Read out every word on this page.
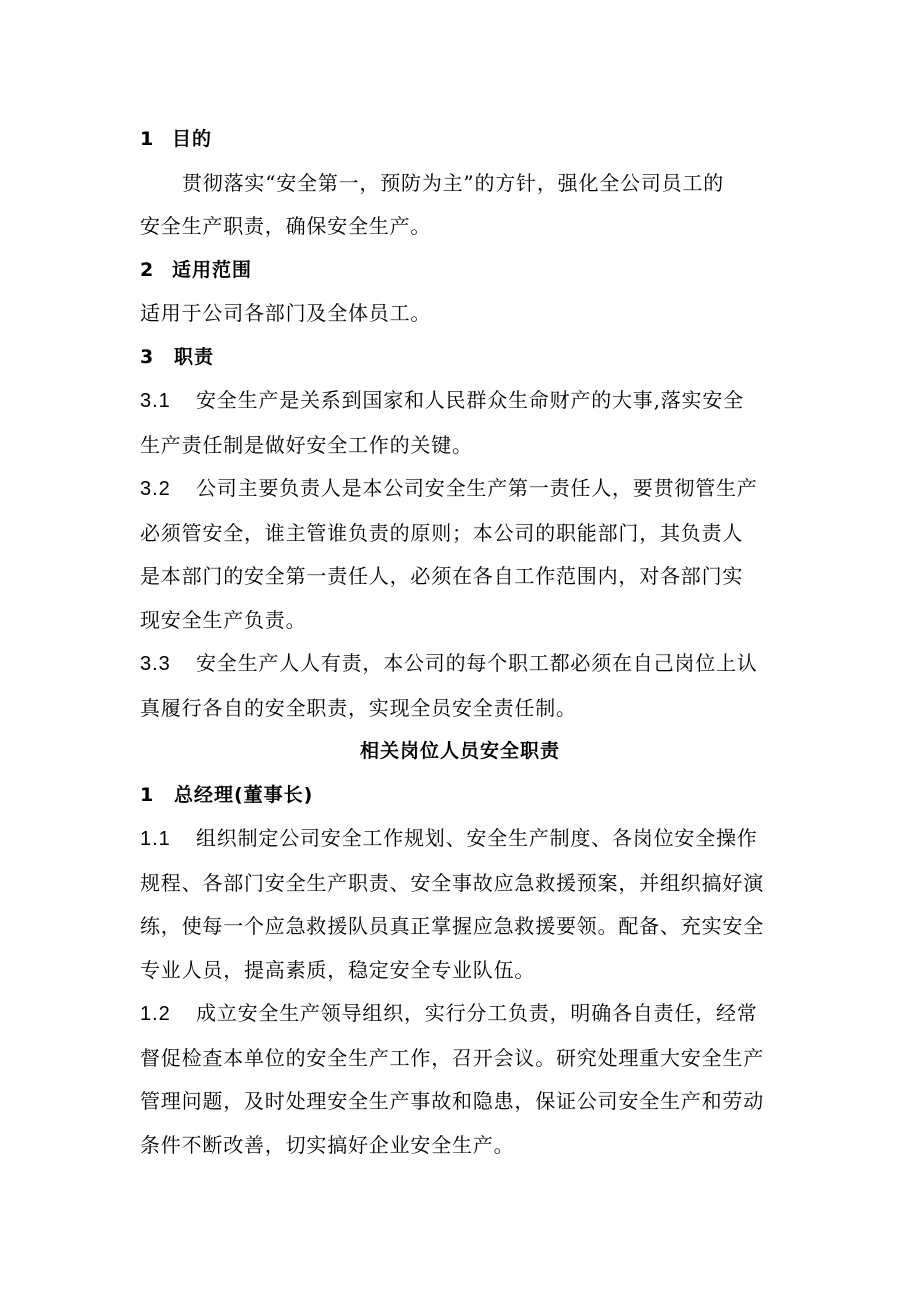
1 目的
贯彻落实“安全第一，预防为主”的方针，强化全公司员工的
安全生产职责，确保安全生产。
2 适用范围
适用于公司各部门及全体员工。
3 职责
3.1 安全生产是关系到国家和人民群众生命财产的大事,落实安全
生产责任制是做好安全工作的关键。
3.2 公司主要负责人是本公司安全生产第一责任人，要贯彻管生产
必须管安全，谁主管谁负责的原则；本公司的职能部门，其负责人
是本部门的安全第一责任人，必须在各自工作范围内，对各部门实
现安全生产负责。
3.3 安全生产人人有责，本公司的每个职工都必须在自己岗位上认
真履行各自的安全职责，实现全员安全责任制。
相关岗位人员安全职责
1 总经理(董事长)
1.1 组织制定公司安全工作规划、安全生产制度、各岗位安全操作
规程、各部门安全生产职责、安全事故应急救援预案，并组织搞好演
练，使每一个应急救援队员真正掌握应急救援要领。配备、充实安全
专业人员，提高素质，稳定安全专业队伍。
1.2 成立安全生产领导组织，实行分工负责，明确各自责任，经常
督促检查本单位的安全生产工作，召开会议。研究处理重大安全生产
管理问题，及时处理安全生产事故和隐患，保证公司安全生产和劳动
条件不断改善，切实搞好企业安全生产。
